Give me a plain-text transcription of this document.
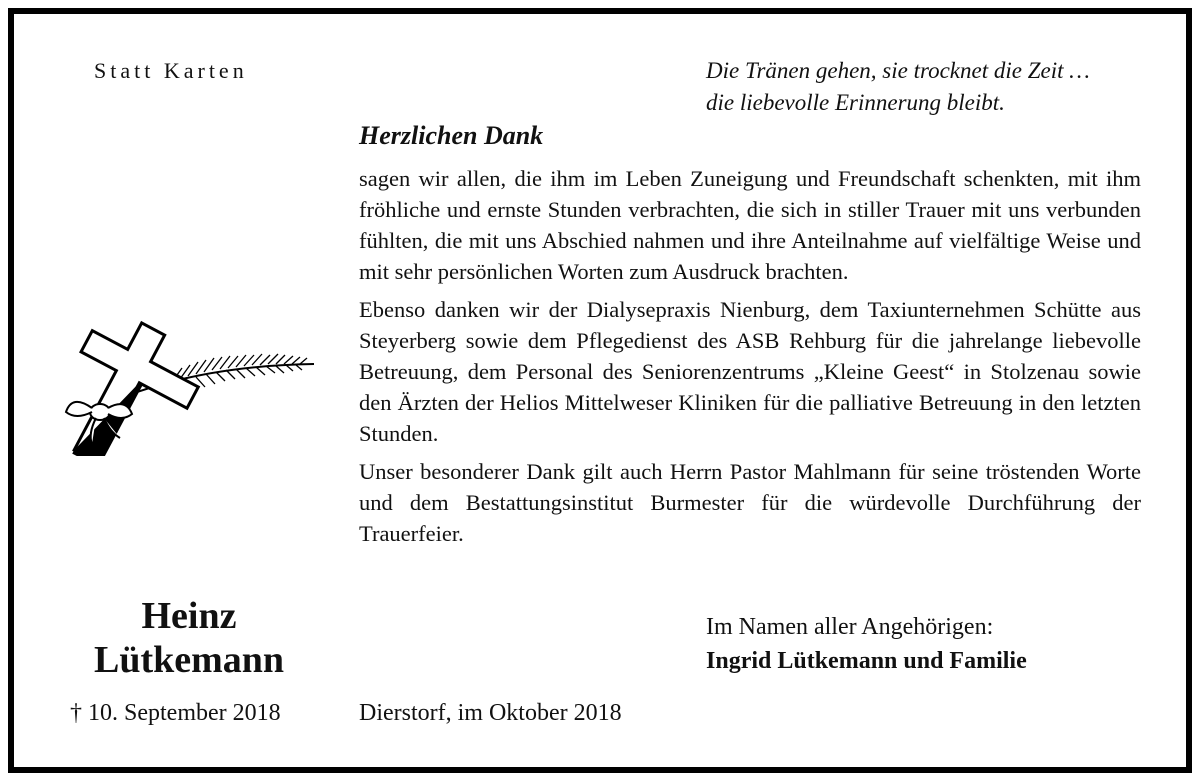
Statt Karten	Die Tränen gehen, sie trocknet die Zeit …
die liebevolle Erinnerung bleibt.
Herzlichen Dank

sagen wir allen, die ihm im Leben Zuneigung und Freundschaft schenkten, mit ihm fröhliche und ernste Stunden verbrachten, die sich in stiller Trauer mit uns verbunden fühlten, die mit uns Abschied nahmen und ihre Anteilnahme auf vielfältige Weise und mit sehr persönlichen Worten zum Ausdruck brachten.

Ebenso danken wir der Dialysepraxis Nienburg, dem Taxiunternehmen Schütte aus Steyerberg sowie dem Pflegedienst des ASB Rehburg für die jahrelange liebevolle Betreuung, dem Personal des Seniorenzentrums „Kleine Geest“ in Stolzenau sowie den Ärzten der Helios Mittelweser Kliniken für die palliative Betreuung in den letzten Stunden.

Unser besonderer Dank gilt auch Herrn Pastor Mahlmann für seine tröstenden Worte und dem Bestattungsinstitut Burmester für die würdevolle Durchführung der Trauerfeier.

Heinz
Lütkemann
† 10. September 2018	Dierstorf, im Oktober 2018
Im Namen aller Angehörigen:
Ingrid Lütkemann und Familie
